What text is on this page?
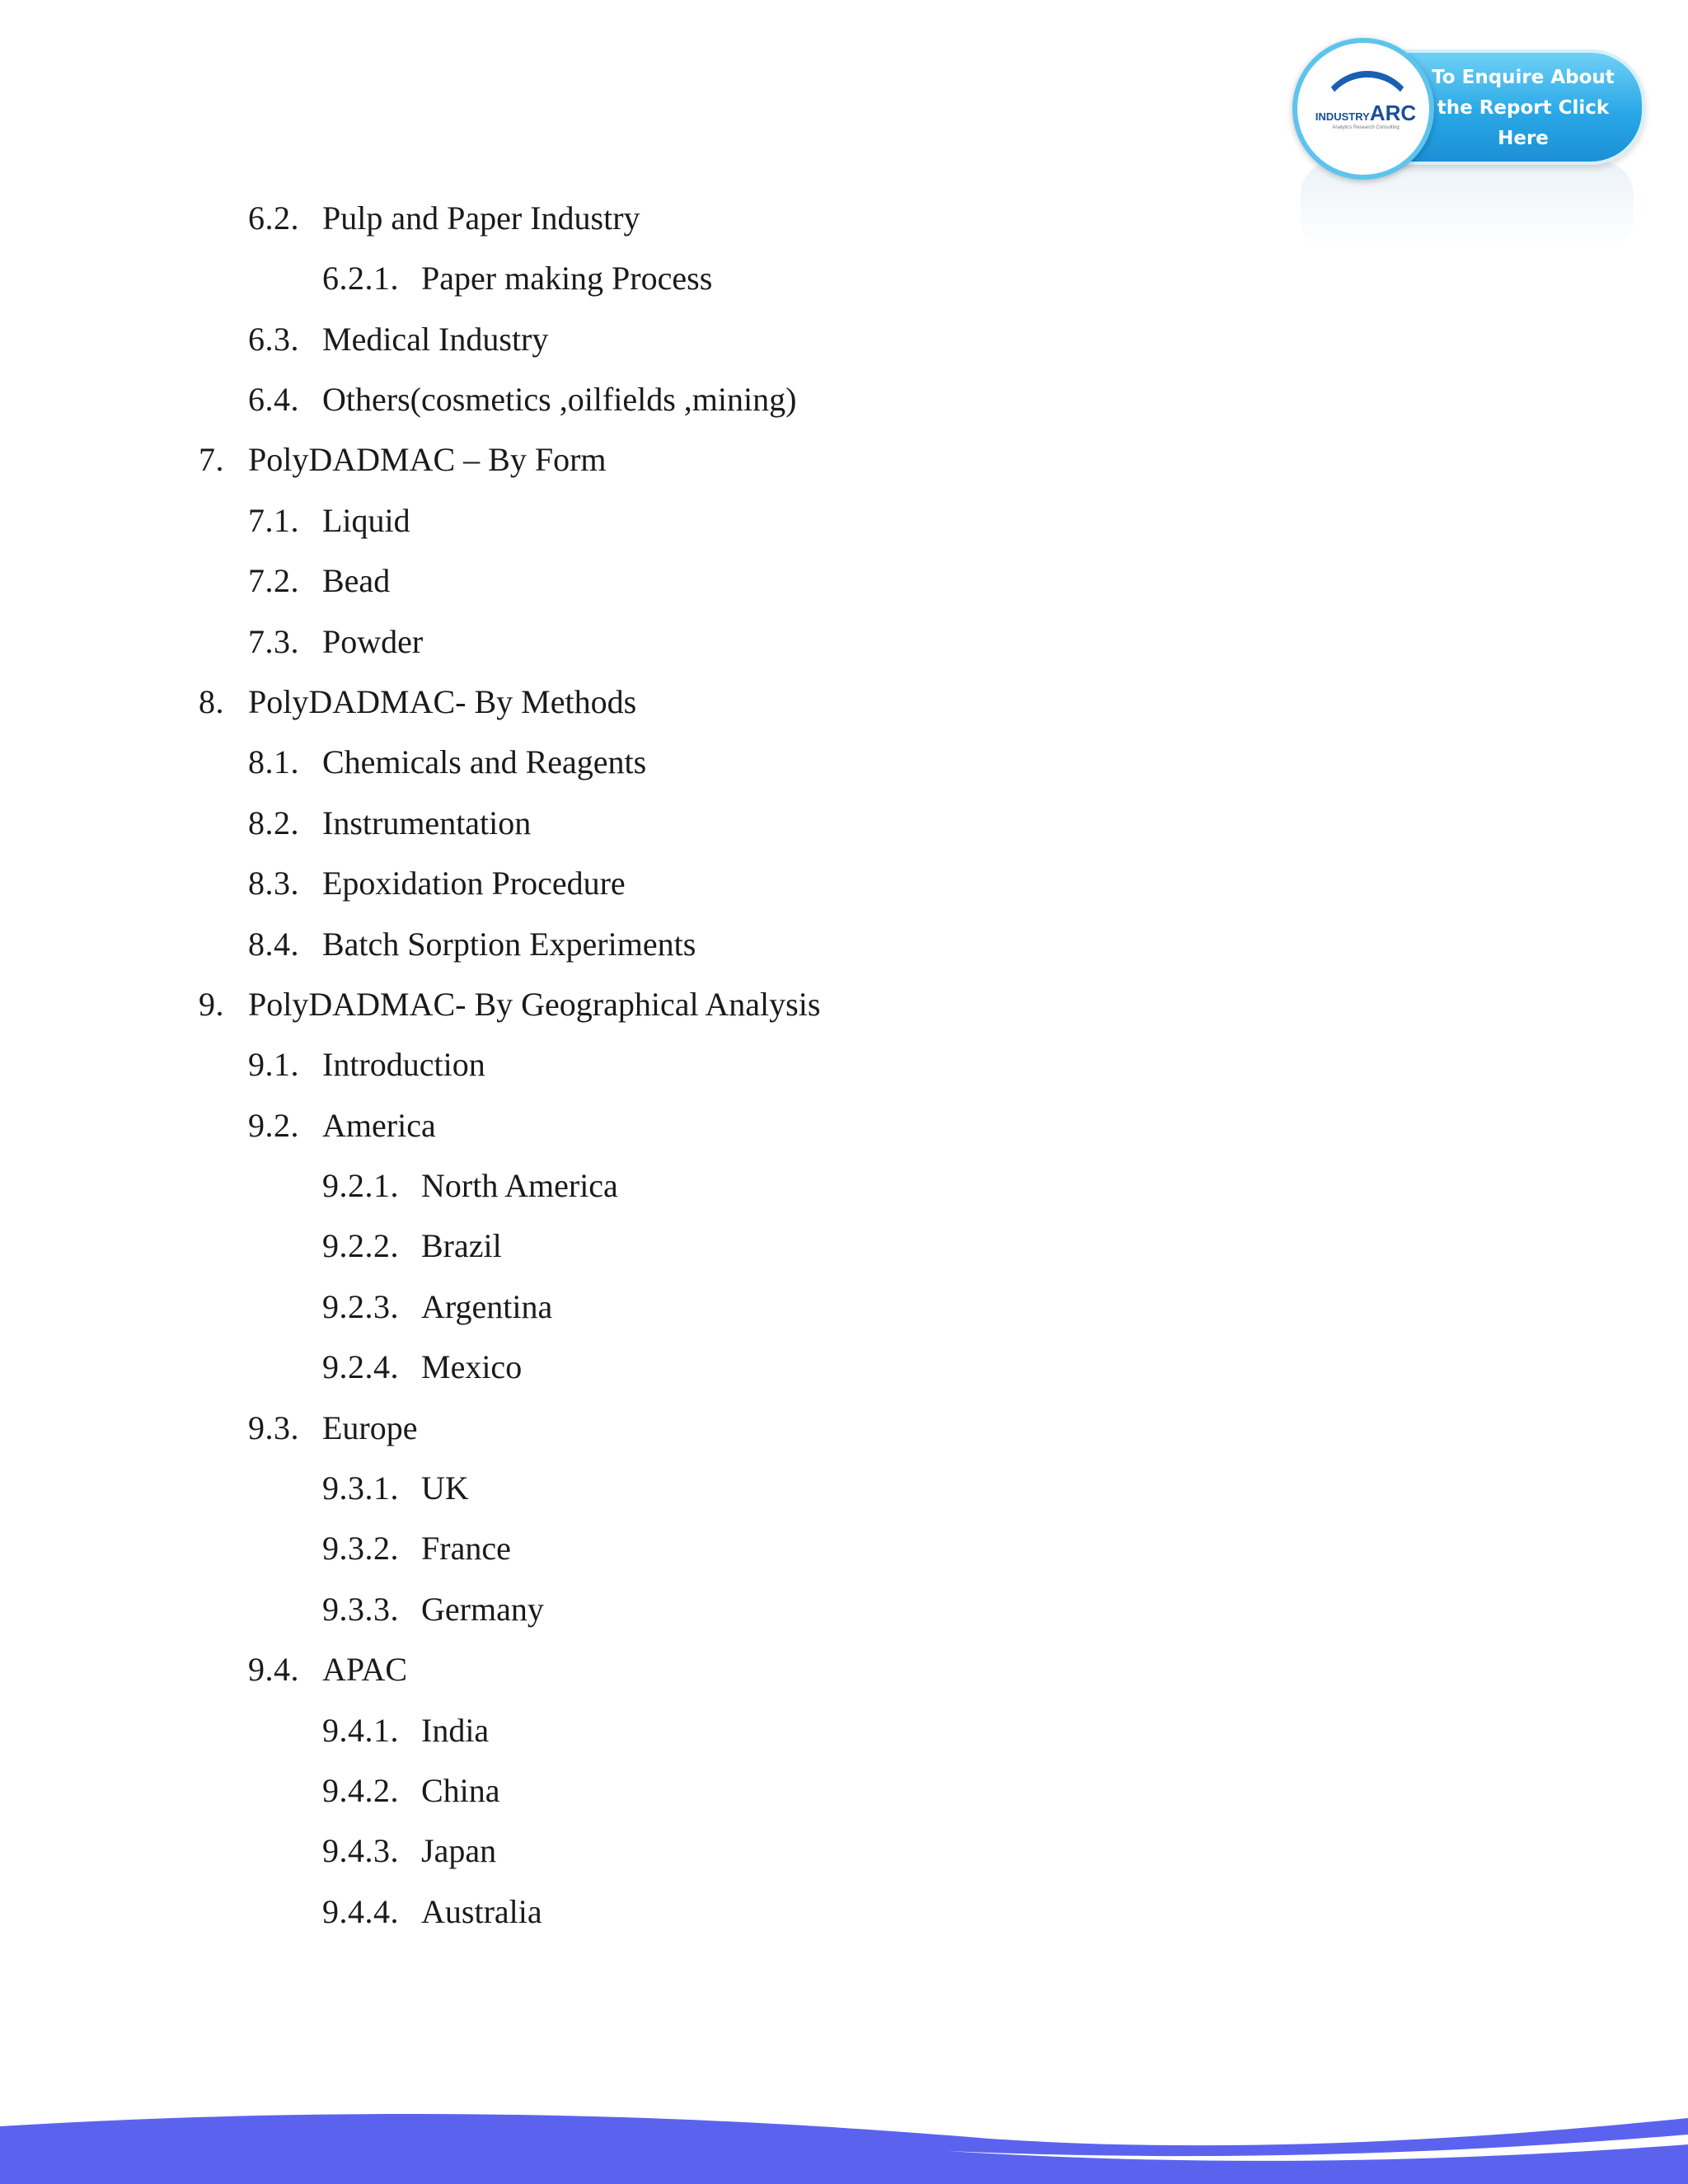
To Enquire About
the Report Click
Here
INDUSTRYARC
Analytics Research Consulting
6.2. Pulp and Paper Industry
6.2.1. Paper making Process
6.3. Medical Industry
6.4. Others(cosmetics ,oilfields ,mining)
7. PolyDADMAC – By Form
7.1. Liquid
7.2. Bead
7.3. Powder
8. PolyDADMAC- By Methods
8.1. Chemicals and Reagents
8.2. Instrumentation
8.3. Epoxidation Procedure
8.4. Batch Sorption Experiments
9. PolyDADMAC- By Geographical Analysis
9.1. Introduction
9.2. America
9.2.1. North America
9.2.2. Brazil
9.2.3. Argentina
9.2.4. Mexico
9.3. Europe
9.3.1. UK
9.3.2. France
9.3.3. Germany
9.4. APAC
9.4.1. India
9.4.2. China
9.4.3. Japan
9.4.4. Australia
